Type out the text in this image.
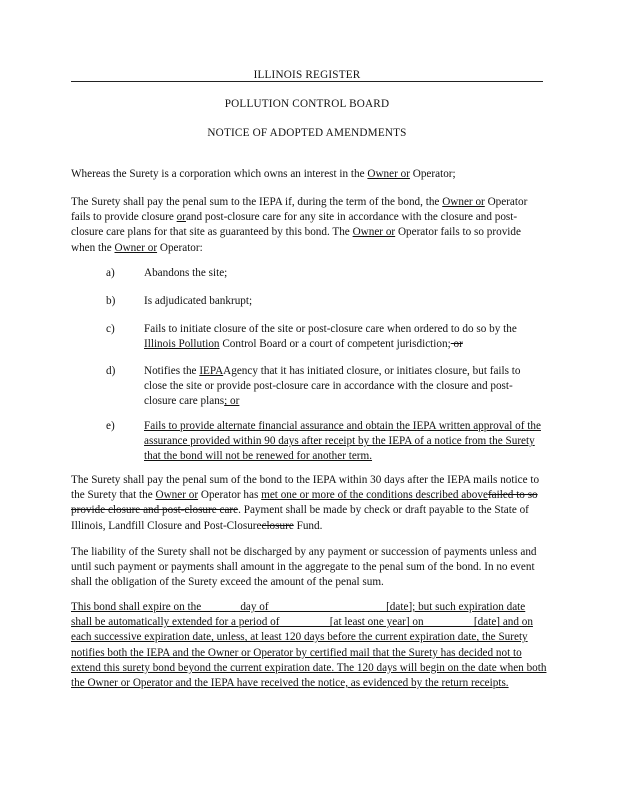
ILLINOIS REGISTER
POLLUTION CONTROL BOARD
NOTICE OF ADOPTED AMENDMENTS

Whereas the Surety is a corporation which owns an interest in the Owner or Operator;

The Surety shall pay the penal sum to the IEPA if, during the term of the bond, the Owner or Operator fails to provide closure orand post-closure care for any site in accordance with the closure and post-closure care plans for that site as guaranteed by this bond. The Owner or Operator fails to so provide when the Owner or Operator:

a)	Abandons the site;
b)	Is adjudicated bankrupt;
c)	Fails to initiate closure of the site or post-closure care when ordered to do so by the Illinois Pollution Control Board or a court of competent jurisdiction; or
d)	Notifies the IEPAAgency that it has initiated closure, or initiates closure, but fails to close the site or provide post-closure care in accordance with the closure and post-closure care plans; or
e)	Fails to provide alternate financial assurance and obtain the IEPA written approval of the assurance provided within 90 days after receipt by the IEPA of a notice from the Surety that the bond will not be renewed for another term.

The Surety shall pay the penal sum of the bond to the IEPA within 30 days after the IEPA mails notice to the Surety that the Owner or Operator has met one or more of the conditions described abovefailed to so provide closure and post-closure care. Payment shall be made by check or draft payable to the State of Illinois, Landfill Closure and Post-Closureclosure Fund.

The liability of the Surety shall not be discharged by any payment or succession of payments unless and until such payment or payments shall amount in the aggregate to the penal sum of the bond. In no event shall the obligation of the Surety exceed the amount of the penal sum.

This bond shall expire on the ______ day of ____________ ____ ___ [date]; but such expiration date shall be automatically extended for a period of ________ [at least one year] on ________ [date] and on each successive expiration date, unless, at least 120 days before the current expiration date, the Surety notifies both the IEPA and the Owner or Operator by certified mail that the Surety has decided not to extend this surety bond beyond the current expiration date. The 120 days will begin on the date when both the Owner or Operator and the IEPA have received the notice, as evidenced by the return receipts.
